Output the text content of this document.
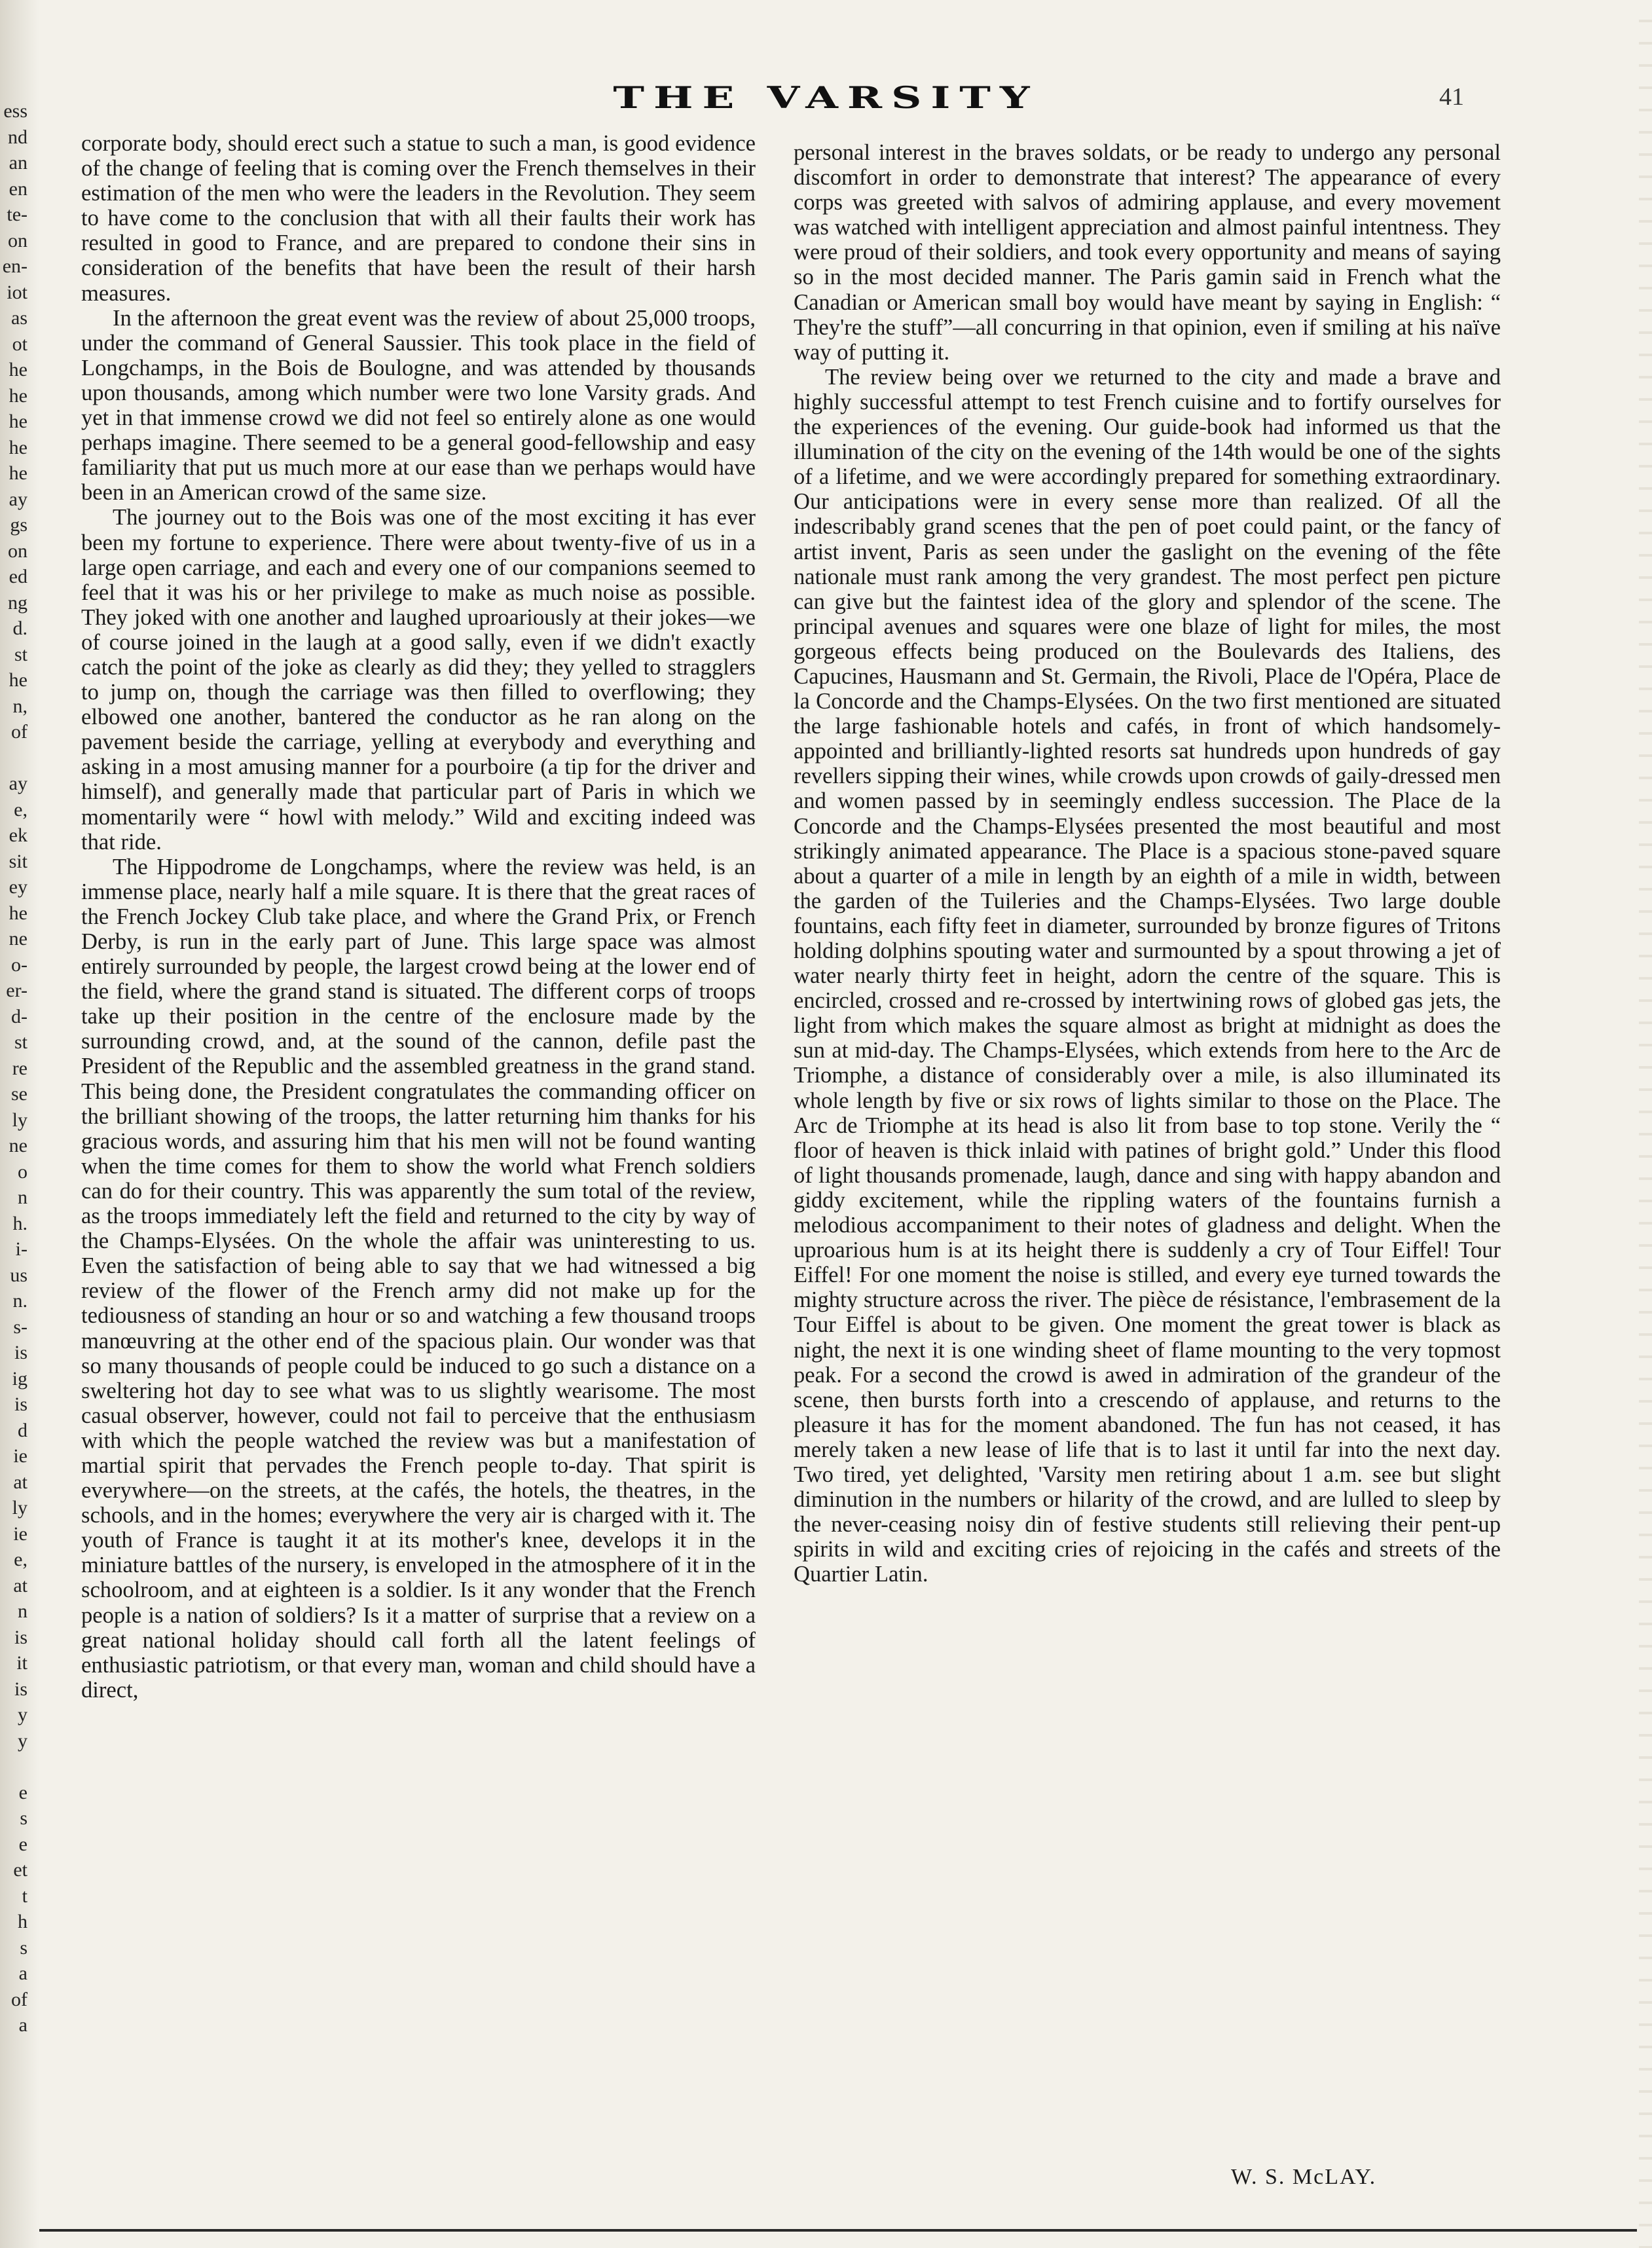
ess
nd
an
en
te-
on
en-
iot
as
ot
he
he
he
he
he
ay
gs
on
ed
ng
d.
st
he
n,
of
ay
e,
ek
sit
ey
he
ne
o-
er-
d-
st
re
se
ly
ne
o
n
h.
i-
us
n.
s-
is
ig
is
d
ie
at
ly
ie
e,
at
n
is
it
is
y
y
e
s
e
et
t
h
s
a
of
a
THE VARSITY	41

corporate body, should erect such a statue to such a man, is good evidence of the change of feeling that is coming over the French themselves in their estimation of the men who were the leaders in the Revolution. They seem to have come to the conclusion that with all their faults their work has resulted in good to France, and are prepared to condone their sins in consideration of the benefits that have been the result of their harsh measures.

In the afternoon the great event was the review of about 25,000 troops, under the command of General Saussier. This took place in the field of Longchamps, in the Bois de Boulogne, and was attended by thousands upon thousands, among which number were two lone Varsity grads. And yet in that immense crowd we did not feel so entirely alone as one would perhaps imagine. There seemed to be a general good-fellowship and easy familiarity that put us much more at our ease than we perhaps would have been in an American crowd of the same size.

The journey out to the Bois was one of the most exciting it has ever been my fortune to experience. There were about twenty-five of us in a large open carriage, and each and every one of our companions seemed to feel that it was his or her privilege to make as much noise as possible. They joked with one another and laughed uproariously at their jokes—we of course joined in the laugh at a good sally, even if we didn't exactly catch the point of the joke as clearly as did they; they yelled to stragglers to jump on, though the carriage was then filled to overflowing; they elbowed one another, bantered the conductor as he ran along on the pavement beside the carriage, yelling at everybody and everything and asking in a most amusing manner for a pourboire (a tip for the driver and himself), and generally made that particular part of Paris in which we momentarily were “ howl with melody.” Wild and exciting indeed was that ride.

The Hippodrome de Longchamps, where the review was held, is an immense place, nearly half a mile square. It is there that the great races of the French Jockey Club take place, and where the Grand Prix, or French Derby, is run in the early part of June. This large space was almost entirely surrounded by people, the largest crowd being at the lower end of the field, where the grand stand is situated. The different corps of troops take up their position in the centre of the enclosure made by the surrounding crowd, and, at the sound of the cannon, defile past the President of the Republic and the assembled greatness in the grand stand. This being done, the President congratulates the commanding officer on the brilliant showing of the troops, the latter returning him thanks for his gracious words, and assuring him that his men will not be found wanting when the time comes for them to show the world what French soldiers can do for their country. This was apparently the sum total of the review, as the troops immediately left the field and returned to the city by way of the Champs-Elysées. On the whole the affair was uninteresting to us. Even the satisfaction of being able to say that we had witnessed a big review of the flower of the French army did not make up for the tediousness of standing an hour or so and watching a few thousand troops manœuvring at the other end of the spacious plain. Our wonder was that so many thousands of people could be induced to go such a distance on a sweltering hot day to see what was to us slightly wearisome. The most casual observer, however, could not fail to perceive that the enthusiasm with which the people watched the review was but a manifestation of martial spirit that pervades the French people to-day. That spirit is everywhere—on the streets, at the cafés, the hotels, the theatres, in the schools, and in the homes; everywhere the very air is charged with it. The youth of France is taught it at its mother's knee, develops it in the miniature battles of the nursery, is enveloped in the atmosphere of it in the schoolroom, and at eighteen is a soldier. Is it any wonder that the French people is a nation of soldiers? Is it a matter of surprise that a review on a great national holiday should call forth all the latent feelings of enthusiastic patriotism, or that every man, woman and child should have a direct,

personal interest in the braves soldats, or be ready to undergo any personal discomfort in order to demonstrate that interest? The appearance of every corps was greeted with salvos of admiring applause, and every movement was watched with intelligent appreciation and almost painful intentness. They were proud of their soldiers, and took every opportunity and means of saying so in the most decided manner. The Paris gamin said in French what the Canadian or American small boy would have meant by saying in English: “ They're the stuff”—all concurring in that opinion, even if smiling at his naïve way of putting it.

The review being over we returned to the city and made a brave and highly successful attempt to test French cuisine and to fortify ourselves for the experiences of the evening. Our guide-book had informed us that the illumination of the city on the evening of the 14th would be one of the sights of a lifetime, and we were accordingly prepared for something extraordinary. Our anticipations were in every sense more than realized. Of all the indescribably grand scenes that the pen of poet could paint, or the fancy of artist invent, Paris as seen under the gaslight on the evening of the fête nationale must rank among the very grandest. The most perfect pen picture can give but the faintest idea of the glory and splendor of the scene. The principal avenues and squares were one blaze of light for miles, the most gorgeous effects being produced on the Boulevards des Italiens, des Capucines, Hausmann and St. Germain, the Rivoli, Place de l'Opéra, Place de la Concorde and the Champs-Elysées. On the two first mentioned are situated the large fashionable hotels and cafés, in front of which handsomely-appointed and brilliantly-lighted resorts sat hundreds upon hundreds of gay revellers sipping their wines, while crowds upon crowds of gaily-dressed men and women passed by in seemingly endless succession. The Place de la Concorde and the Champs-Elysées presented the most beautiful and most strikingly animated appearance. The Place is a spacious stone-paved square about a quarter of a mile in length by an eighth of a mile in width, between the garden of the Tuileries and the Champs-Elysées. Two large double fountains, each fifty feet in diameter, surrounded by bronze figures of Tritons holding dolphins spouting water and surmounted by a spout throwing a jet of water nearly thirty feet in height, adorn the centre of the square. This is encircled, crossed and re-crossed by intertwining rows of globed gas jets, the light from which makes the square almost as bright at midnight as does the sun at mid-day. The Champs-Elysées, which extends from here to the Arc de Triomphe, a distance of considerably over a mile, is also illuminated its whole length by five or six rows of lights similar to those on the Place. The Arc de Triomphe at its head is also lit from base to top stone. Verily the “ floor of heaven is thick inlaid with patines of bright gold.” Under this flood of light thousands promenade, laugh, dance and sing with happy abandon and giddy excitement, while the rippling waters of the fountains furnish a melodious accompaniment to their notes of gladness and delight. When the uproarious hum is at its height there is suddenly a cry of Tour Eiffel! Tour Eiffel! For one moment the noise is stilled, and every eye turned towards the mighty structure across the river. The pièce de résistance, l'embrasement de la Tour Eiffel is about to be given. One moment the great tower is black as night, the next it is one winding sheet of flame mounting to the very topmost peak. For a second the crowd is awed in admiration of the grandeur of the scene, then bursts forth into a crescendo of applause, and returns to the pleasure it has for the moment abandoned. The fun has not ceased, it has merely taken a new lease of life that is to last it until far into the next day. Two tired, yet delighted, 'Varsity men retiring about 1 a.m. see but slight diminution in the numbers or hilarity of the crowd, and are lulled to sleep by the never-ceasing noisy din of festive students still relieving their pent-up spirits in wild and exciting cries of rejoicing in the cafés and streets of the Quartier Latin.

W. S. McLAY.
